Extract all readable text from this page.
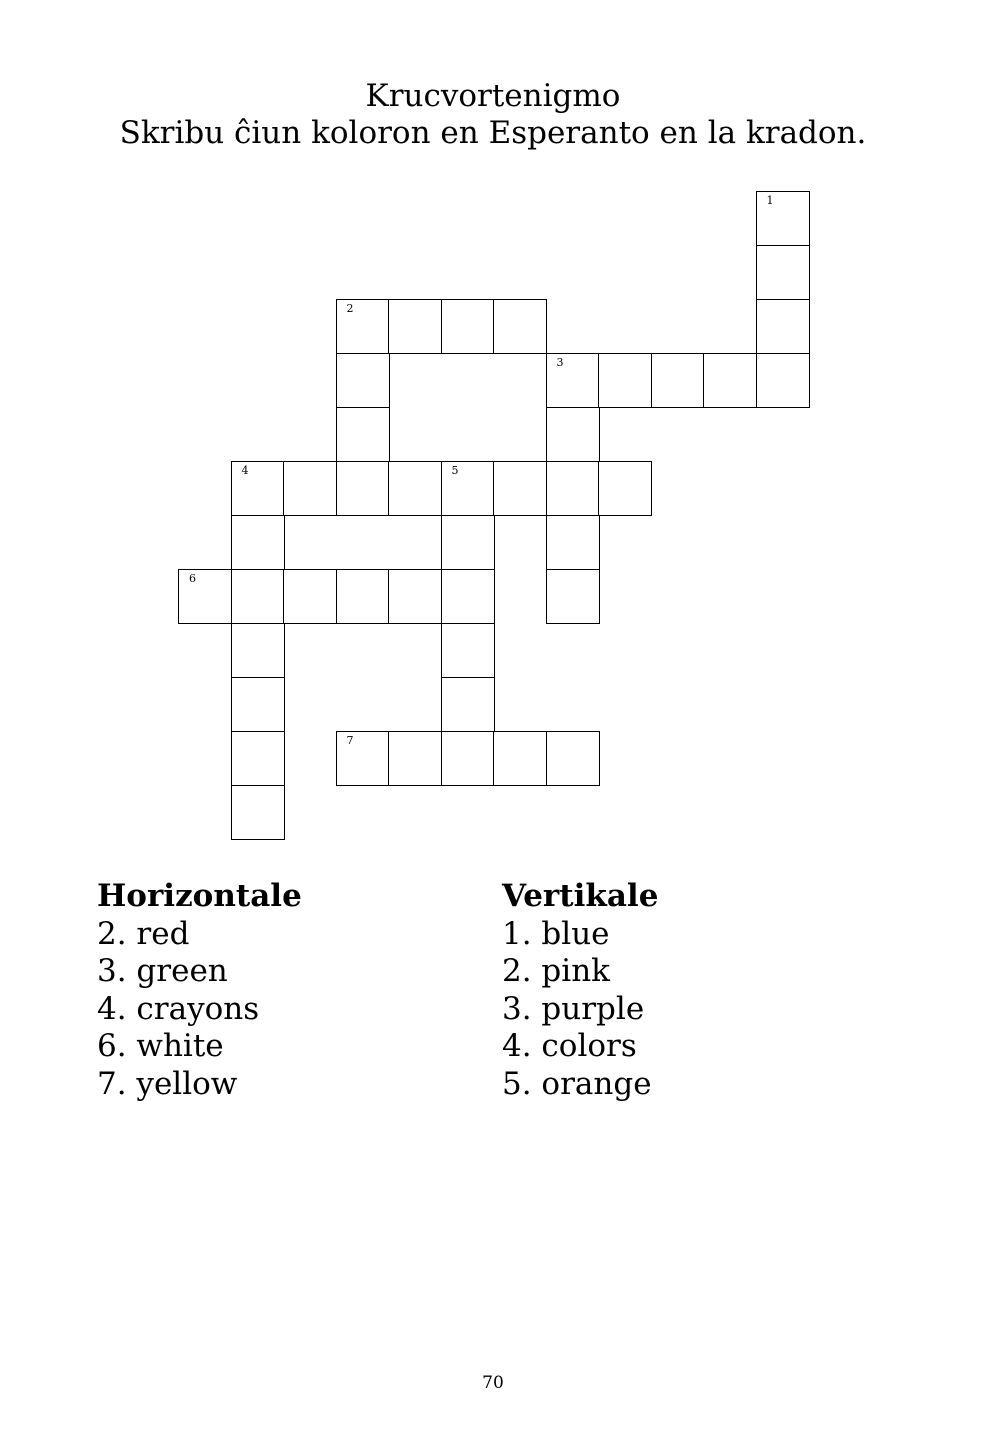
Krucvortenigmo
Skribu ĉiun koloron en Esperanto en la kradon.
1
2
3
4	5
6
7
Horizontale
2. red
3. green
4. crayons
6. white
7. yellow
Vertikale
1. blue
2. pink
3. purple
4. colors
5. orange
70
